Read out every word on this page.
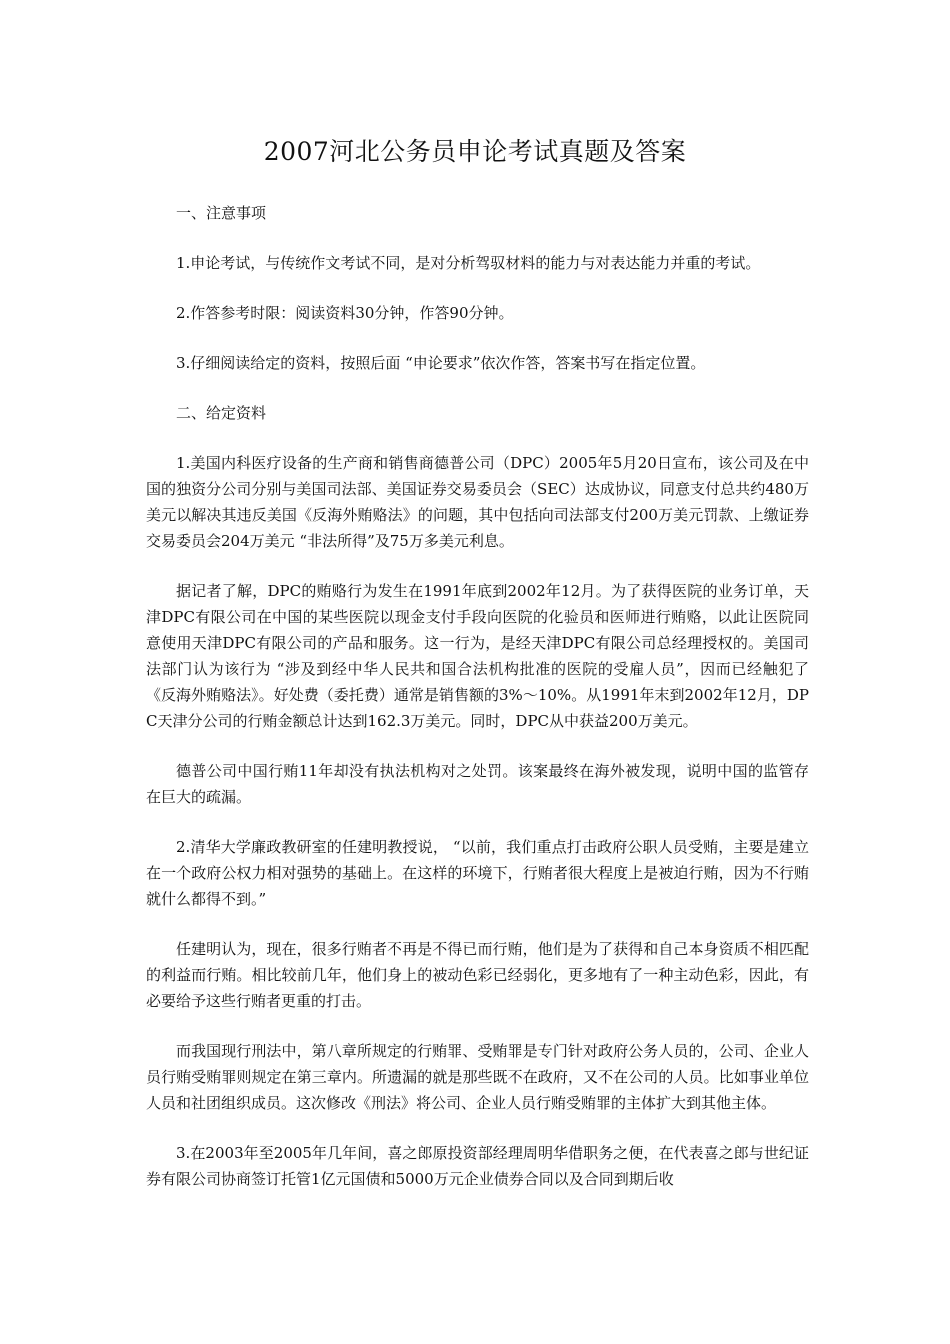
2007河北公务员申论考试真题及答案

一、注意事项

1.申论考试，与传统作文考试不同，是对分析驾驭材料的能力与对表达能力并重的考试。

2.作答参考时限：阅读资料30分钟，作答90分钟。

3.仔细阅读给定的资料，按照后面 “申论要求”依次作答，答案书写在指定位置。

二、给定资料

1.美国内科医疗设备的生产商和销售商德普公司（DPC）2005年5月20日宣布，该公司及在中国的独资分公司分别与美国司法部、美国证券交易委员会（SEC）达成协议，同意支付总共约480万美元以解决其违反美国《反海外贿赂法》的问题，其中包括向司法部支付200万美元罚款、上缴证券交易委员会204万美元 “非法所得”及75万多美元利息。

据记者了解，DPC的贿赂行为发生在1991年底到2002年12月。为了获得医院的业务订单，天津DPC有限公司在中国的某些医院以现金支付手段向医院的化验员和医师进行贿赂，以此让医院同意使用天津DPC有限公司的产品和服务。这一行为，是经天津DPC有限公司总经理授权的。美国司法部门认为该行为 “涉及到经中华人民共和国合法机构批准的医院的受雇人员”，因而已经触犯了《反海外贿赂法》。好处费（委托费）通常是销售额的3%～10%。从1991年末到2002年12月，DPC天津分公司的行贿金额总计达到162.3万美元。同时，DPC从中获益200万美元。

德普公司中国行贿11年却没有执法机构对之处罚。该案最终在海外被发现，说明中国的监管存在巨大的疏漏。

2.清华大学廉政教研室的任建明教授说， “以前，我们重点打击政府公职人员受贿，主要是建立在一个政府公权力相对强势的基础上。在这样的环境下，行贿者很大程度上是被迫行贿，因为不行贿就什么都得不到。”

任建明认为，现在，很多行贿者不再是不得已而行贿，他们是为了获得和自己本身资质不相匹配的利益而行贿。相比较前几年，他们身上的被动色彩已经弱化，更多地有了一种主动色彩，因此，有必要给予这些行贿者更重的打击。

而我国现行刑法中，第八章所规定的行贿罪、受贿罪是专门针对政府公务人员的，公司、企业人员行贿受贿罪则规定在第三章内。所遗漏的就是那些既不在政府，又不在公司的人员。比如事业单位人员和社团组织成员。这次修改《刑法》将公司、企业人员行贿受贿罪的主体扩大到其他主体。

3.在2003年至2005年几年间，喜之郎原投资部经理周明华借职务之便，在代表喜之郎与世纪证券有限公司协商签订托管1亿元国债和5000万元企业债券合同以及合同到期后收
